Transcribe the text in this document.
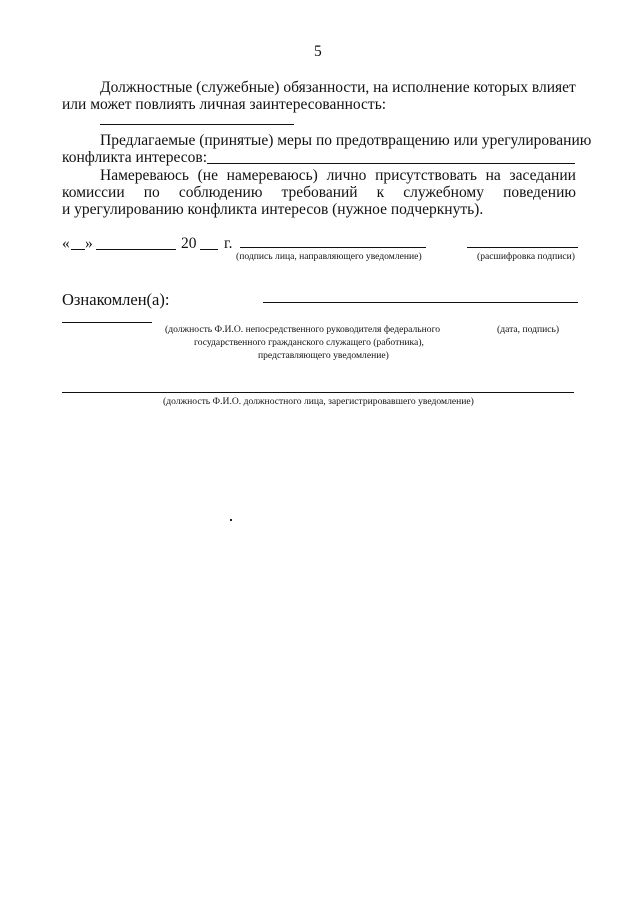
5
Должностные (служебные) обязанности, на исполнение которых влияет
или может повлиять личная заинтересованность:
Предлагаемые (принятые) меры по предотвращению или урегулированию
конфликта интересов:
Намереваюсь (не намереваюсь) лично присутствовать на заседании
комиссии по соблюдению требований к служебному поведению
и урегулированию конфликта интересов (нужное подчеркнуть).
« »	20 г.
(подпись лица, направляющего уведомление)	(расшифровка подписи)
Ознакомлен(а):
(должность Ф.И.О. непосредственного руководителя федерального	(дата, подпись)
государственного гражданского служащего (работника),
представляющего уведомление)
(должность Ф.И.О. должностного лица, зарегистрировавшего уведомление)
